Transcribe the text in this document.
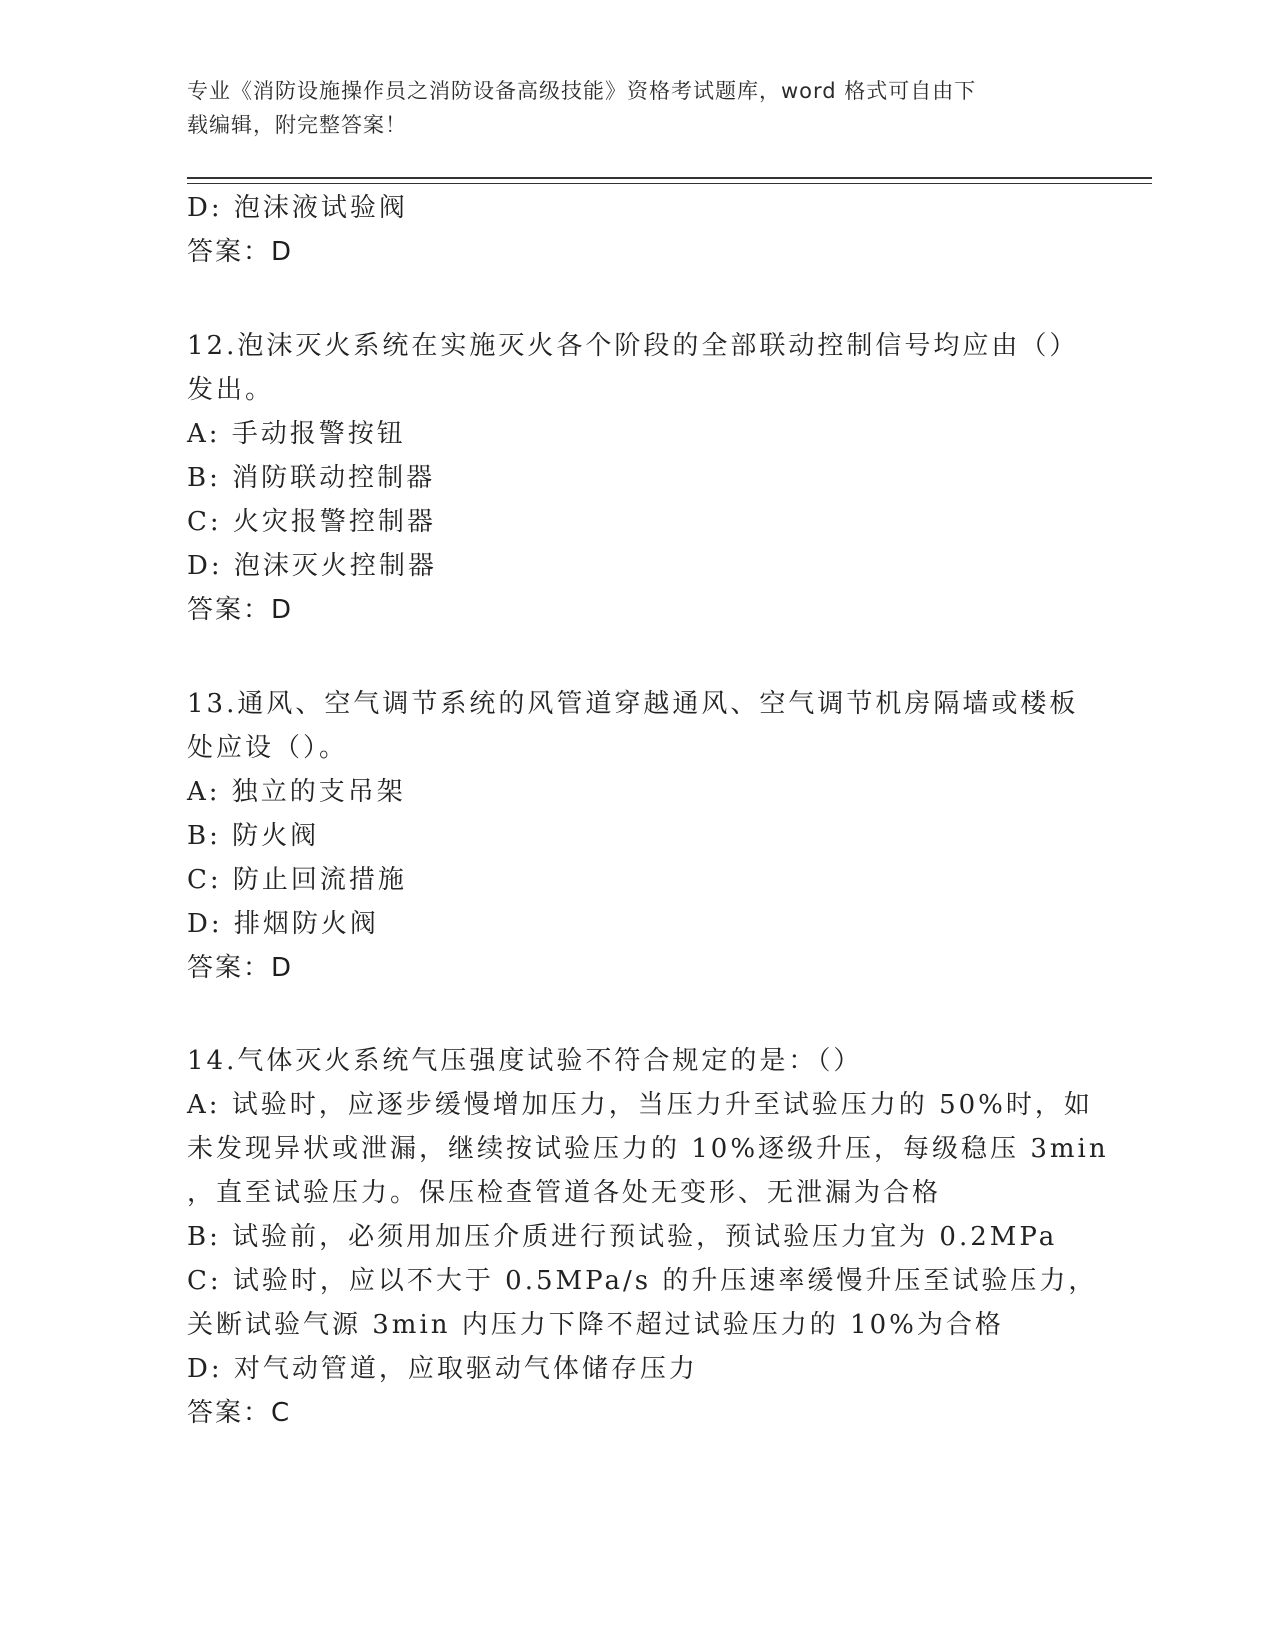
专业《消防设施操作员之消防设备高级技能》资格考试题库，word 格式可自由下
载编辑，附完整答案！
D: 泡沫液试验阀
答案：D
12.泡沫灭火系统在实施灭火各个阶段的全部联动控制信号均应由（）
发出。
A: 手动报警按钮
B: 消防联动控制器
C: 火灾报警控制器
D: 泡沫灭火控制器
答案：D
13.通风、空气调节系统的风管道穿越通风、空气调节机房隔墙或楼板
处应设（）。
A: 独立的支吊架
B: 防火阀
C: 防止回流措施
D: 排烟防火阀
答案：D
14.气体灭火系统气压强度试验不符合规定的是：（）
A: 试验时，应逐步缓慢增加压力，当压力升至试验压力的 50%时，如
未发现异状或泄漏，继续按试验压力的 10%逐级升压，每级稳压 3min
，直至试验压力。保压检查管道各处无变形、无泄漏为合格
B: 试验前，必须用加压介质进行预试验，预试验压力宜为 0.2MPa
C: 试验时，应以不大于 0.5MPa/s 的升压速率缓慢升压至试验压力，
关断试验气源 3min 内压力下降不超过试验压力的 10%为合格
D: 对气动管道，应取驱动气体储存压力
答案：C
